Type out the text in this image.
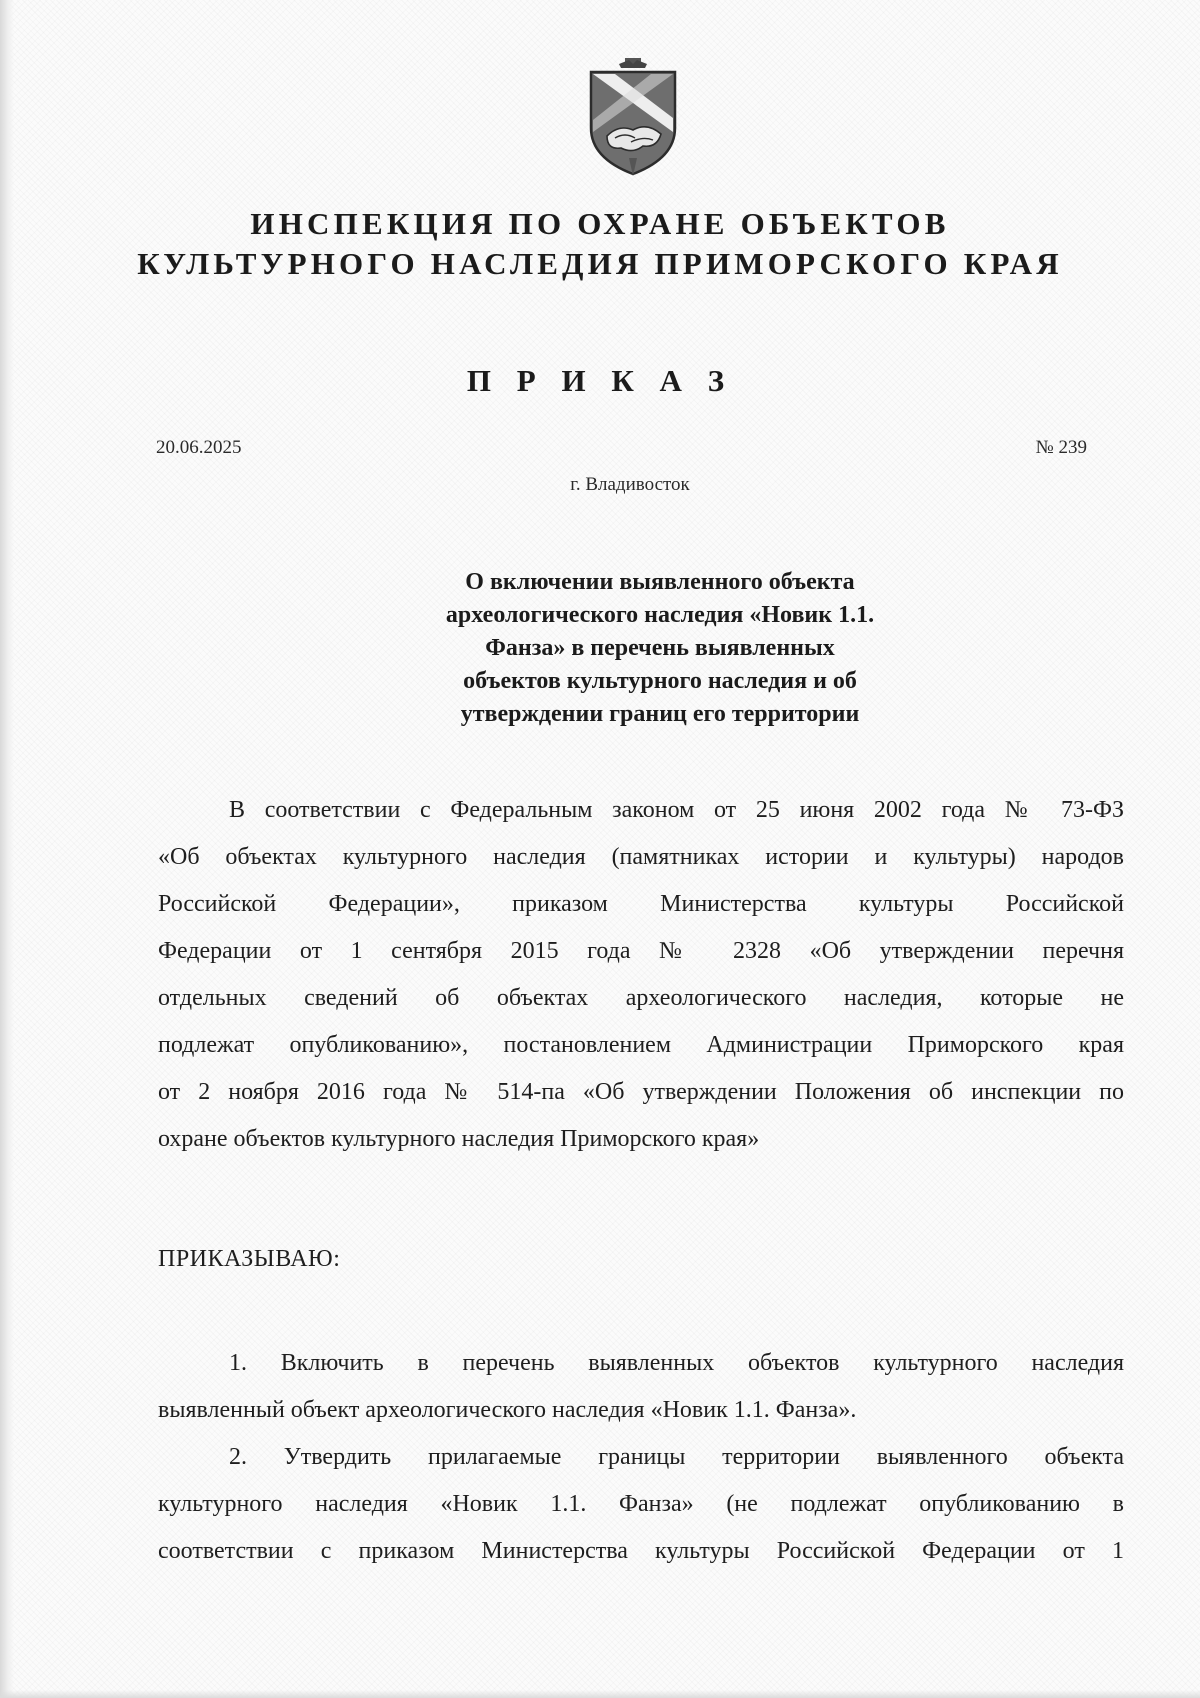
ИНСПЕКЦИЯ ПО ОХРАНЕ ОБЪЕКТОВ
КУЛЬТУРНОГО НАСЛЕДИЯ ПРИМОРСКОГО КРАЯ
П Р И К А З
20.06.2025	№ 239
г. Владивосток
О включении выявленного объекта
археологического наследия «Новик 1.1.
Фанза» в перечень выявленных
объектов культурного наследия и об
утверждении границ его территории
В соответствии с Федеральным законом от 25 июня 2002 года № 73-ФЗ
«Об объектах культурного наследия (памятниках истории и культуры) народов
Российской Федерации», приказом Министерства культуры Российской
Федерации от 1 сентября 2015 года № 2328 «Об утверждении перечня
отдельных сведений об объектах археологического наследия, которые не
подлежат опубликованию», постановлением Администрации Приморского края
от 2 ноября 2016 года № 514-па «Об утверждении Положения об инспекции по
охране объектов культурного наследия Приморского края»
ПРИКАЗЫВАЮ:
1. Включить в перечень выявленных объектов культурного наследия
выявленный объект археологического наследия «Новик 1.1. Фанза».
2. Утвердить прилагаемые границы территории выявленного объекта
культурного наследия «Новик 1.1. Фанза» (не подлежат опубликованию в
соответствии с приказом Министерства культуры Российской Федерации от 1
